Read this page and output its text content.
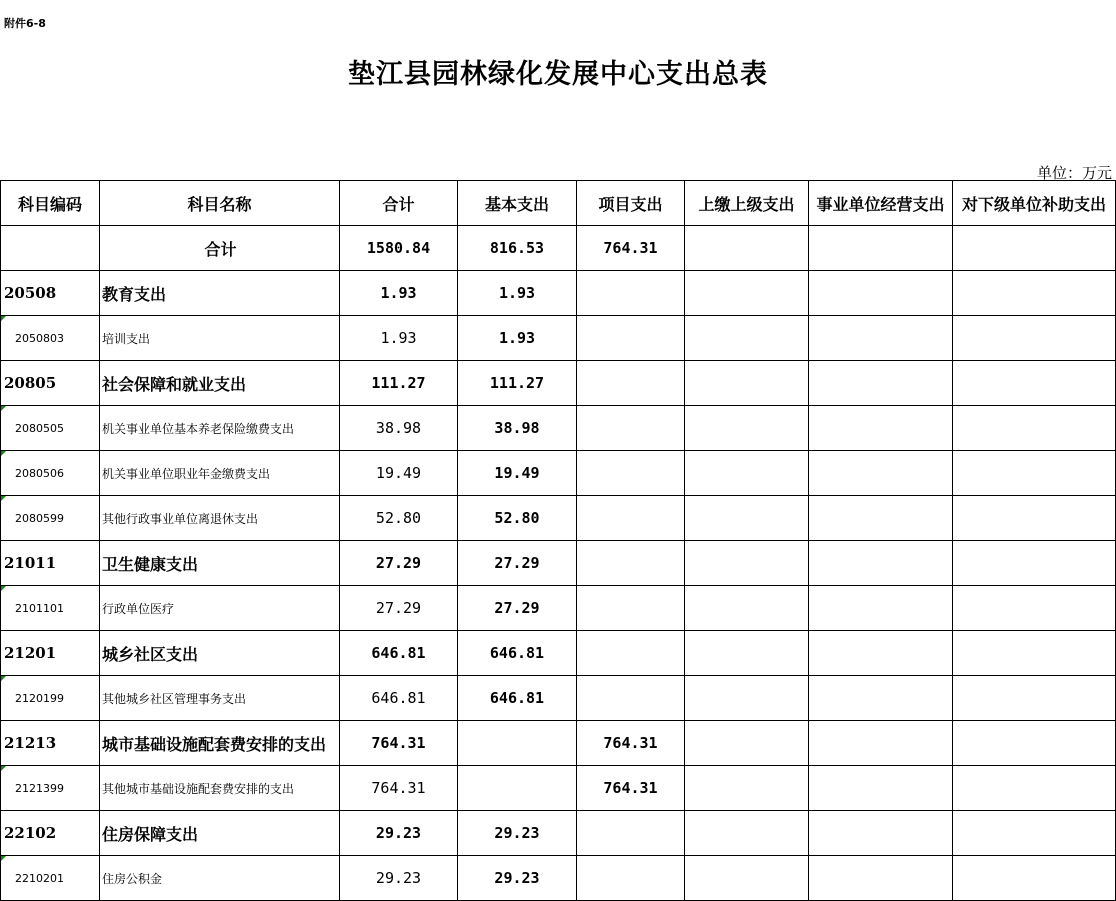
附件6-8
垫江县园林绿化发展中心支出总表
单位：万元
科目编码	科目名称	合计	基本支出	项目支出	上缴上级支出	事业单位经营支出	对下级单位补助支出
	合计	1580.84	816.53	764.31			
20508	教育支出	1.93	1.93				

2050803	培训支出	1.93	1.93				
20805	社会保障和就业支出	111.27	111.27				

2080505	机关事业单位基本养老保险缴费支出	38.98	38.98				

2080506	机关事业单位职业年金缴费支出	19.49	19.49				

2080599	其他行政事业单位离退休支出	52.80	52.80				
21011	卫生健康支出	27.29	27.29				

2101101	行政单位医疗	27.29	27.29				
21201	城乡社区支出	646.81	646.81				

2120199	其他城乡社区管理事务支出	646.81	646.81				
21213	城市基础设施配套费安排的支出	764.31		764.31			

2121399	其他城市基础设施配套费安排的支出	764.31		764.31			
22102	住房保障支出	29.23	29.23				

2210201	住房公积金	29.23	29.23				
